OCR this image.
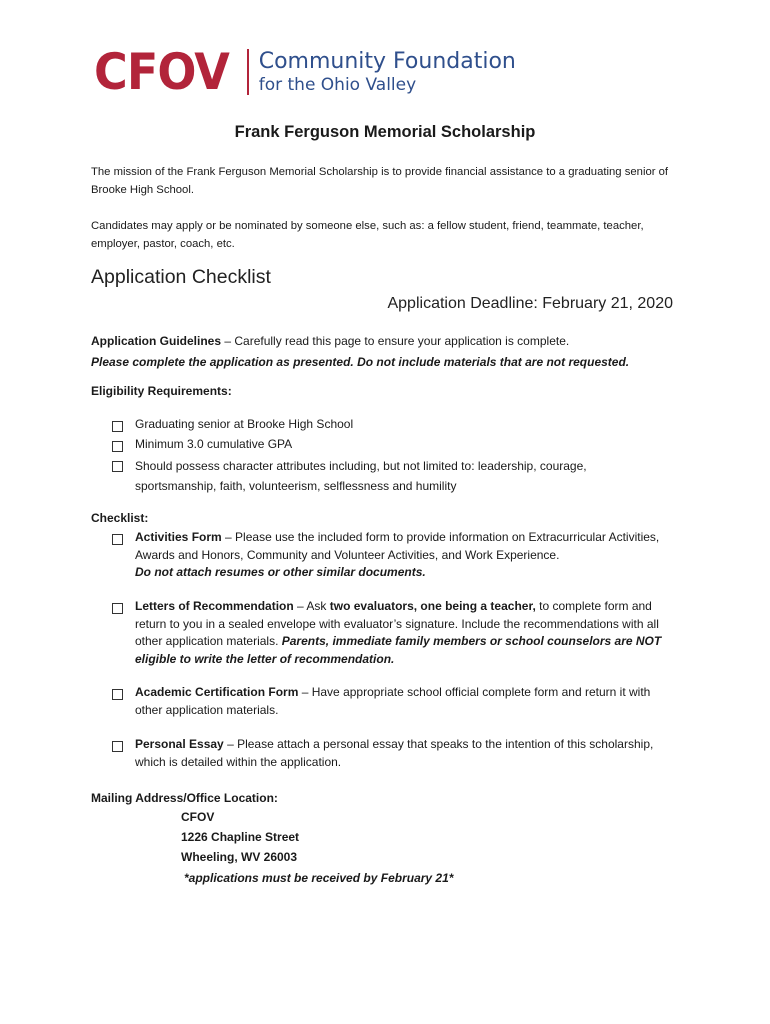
CFOV Community Foundation
for the Ohio Valley
Frank Ferguson Memorial Scholarship
The mission of the Frank Ferguson Memorial Scholarship is to provide financial assistance to a graduating senior of Brooke High School.
Candidates may apply or be nominated by someone else, such as: a fellow student, friend, teammate, teacher, employer, pastor, coach, etc.
Application Checklist
Application Deadline: February 21, 2020
Application Guidelines – Carefully read this page to ensure your application is complete.
Please complete the application as presented. Do not include materials that are not requested.
Eligibility Requirements:
Graduating senior at Brooke High School
Minimum 3.0 cumulative GPA
Should possess character attributes including, but not limited to: leadership, courage, sportsmanship, faith, volunteerism, selflessness and humility
Checklist:
Activities Form – Please use the included form to provide information on Extracurricular Activities, Awards and Honors, Community and Volunteer Activities, and Work Experience.
Do not attach resumes or other similar documents.
Letters of Recommendation – Ask two evaluators, one being a teacher, to complete form and return to you in a sealed envelope with evaluator’s signature. Include the recommendations with all other application materials. Parents, immediate family members or school counselors are NOT eligible to write the letter of recommendation.
Academic Certification Form – Have appropriate school official complete form and return it with other application materials.
Personal Essay – Please attach a personal essay that speaks to the intention of this scholarship, which is detailed within the application.
Mailing Address/Office Location:
CFOV
1226 Chapline Street
Wheeling, WV 26003
*applications must be received by February 21*
